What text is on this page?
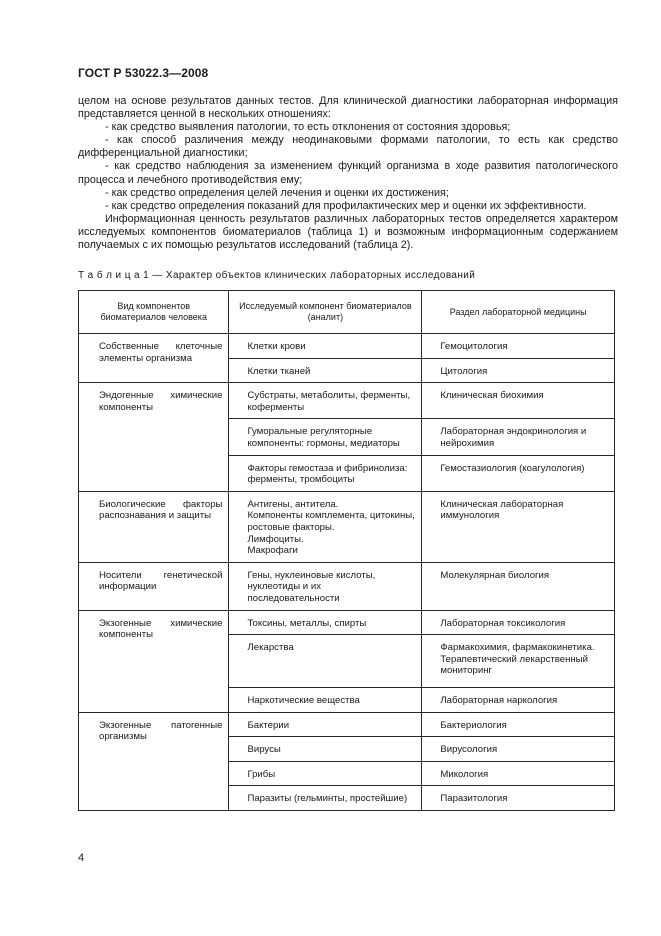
ГОСТ Р 53022.3—2008

целом на основе результатов данных тестов. Для клинической диагностики лабораторная информация представляется ценной в нескольких отношениях:

- как средство выявления патологии, то есть отклонения от состояния здоровья;

- как способ различения между неодинаковыми формами патологии, то есть как средство дифференциальной диагностики;

- как средство наблюдения за изменением функций организма в ходе развития патологического процесса и лечебного противодействия ему;

- как средство определения целей лечения и оценки их достижения;

- как средство определения показаний для профилактических мер и оценки их эффективности.

Информационная ценность результатов различных лабораторных тестов определяется характером исследуемых компонентов биоматериалов (таблица 1) и возможным информационным содержанием получаемых с их помощью результатов исследований (таблица 2).

Т а б л и ц а 1 — Характер объектов клинических лабораторных исследований
Вид компонентов биоматериалов человека	Исследуемый компонент биоматериалов (аналит)	Раздел лабораторной медицины

Собственные клеточные элементы организма	Клетки крови	Гемоцитология

	Клетки тканей	Цитология

Эндогенные химические компоненты	Субстраты, метаболиты, ферменты, коферменты	Клиническая биохимия

	Гуморальные регуляторные компоненты: гормоны, медиаторы	Лабораторная эндокринология и нейрохимия

	Факторы гемостаза и фибринолиза: ферменты, тромбоциты	Гемостазиология (коагулология)

Биологические факторы распознавания и защиты	Антигены, антитела.
Компоненты комплемента, цитокины, ростовые факторы.
Лимфоциты.
Макрофаги	Клиническая лабораторная иммунология

Носители генетической информации	Гены, нуклеиновые кислоты, нуклеотиды и их последовательности	Молекулярная биология

Экзогенные химические компоненты	Токсины, металлы, спирты	Лабораторная токсикология

	Лекарства	Фармакохимия, фармакокинетика.
Терапевтический лекарственный мониторинг

	Наркотические вещества	Лабораторная наркология

Экзогенные патогенные организмы	Бактерии	Бактериология

	Вирусы	Вирусология

	Грибы	Микология

	Паразиты (гельминты, простейшие)	Паразитология
4
